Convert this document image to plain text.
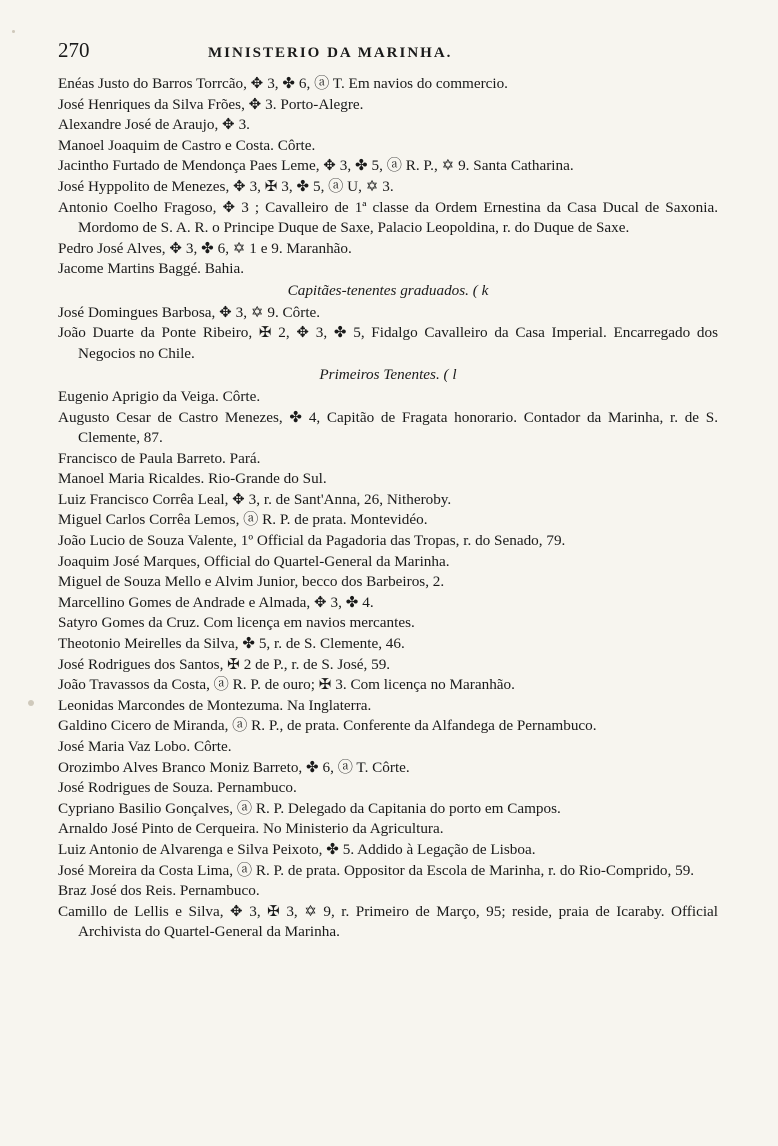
270	MINISTERIO DA MARINHA.
Enéas Justo do Barros Torrcão, ✥ 3, ✤ 6, ⓐ T. Em navios do commercio.
José Henriques da Silva Frões, ✥ 3. Porto-Alegre.
Alexandre José de Araujo, ✥ 3.
Manoel Joaquim de Castro e Costa. Côrte.
Jacintho Furtado de Mendonça Paes Leme, ✥ 3, ✤ 5, ⓐ R. P., ✡ 9. Santa Catharina.
José Hyppolito de Menezes, ✥ 3, ✠ 3, ✤ 5, ⓐ U, ✡ 3.
Antonio Coelho Fragoso, ✥ 3 ; Cavalleiro de 1ª classe da Ordem Ernestina da Casa Ducal de Saxonia. Mordomo de S. A. R. o Principe Duque de Saxe, Palacio Leopoldina, r. do Duque de Saxe.
Pedro José Alves, ✥ 3, ✤ 6, ✡ 1 e 9. Maranhão.
Jacome Martins Baggé. Bahia.
Capitães-tenentes graduados. ( k
José Domingues Barbosa, ✥ 3, ✡ 9. Côrte.
João Duarte da Ponte Ribeiro, ✠ 2, ✥ 3, ✤ 5, Fidalgo Cavalleiro da Casa Imperial. Encarregado dos Negocios no Chile.
Primeiros Tenentes. ( l
Eugenio Aprigio da Veiga. Côrte.
Augusto Cesar de Castro Menezes, ✤ 4, Capitão de Fragata honorario. Contador da Marinha, r. de S. Clemente, 87.
Francisco de Paula Barreto. Pará.
Manoel Maria Ricaldes. Rio-Grande do Sul.
Luiz Francisco Corrêa Leal, ✥ 3, r. de Sant'Anna, 26, Nitheroby.
Miguel Carlos Corrêa Lemos, ⓐ R. P. de prata. Montevidéo.
João Lucio de Souza Valente, 1º Official da Pagadoria das Tropas, r. do Senado, 79.
Joaquim José Marques, Official do Quartel-General da Marinha.
Miguel de Souza Mello e Alvim Junior, becco dos Barbeiros, 2.
Marcellino Gomes de Andrade e Almada, ✥ 3, ✤ 4.
Satyro Gomes da Cruz. Com licença em navios mercantes.
Theotonio Meirelles da Silva, ✤ 5, r. de S. Clemente, 46.
José Rodrigues dos Santos, ✠ 2 de P., r. de S. José, 59.
João Travassos da Costa, ⓐ R. P. de ouro; ✠ 3. Com licença no Maranhão.
Leonidas Marcondes de Montezuma. Na Inglaterra.
Galdino Cicero de Miranda, ⓐ R. P., de prata. Conferente da Alfandega de Pernambuco.
José Maria Vaz Lobo. Côrte.
Orozimbo Alves Branco Moniz Barreto, ✤ 6, ⓐ T. Côrte.
José Rodrigues de Souza. Pernambuco.
Cypriano Basilio Gonçalves, ⓐ R. P. Delegado da Capitania do porto em Campos.
Arnaldo José Pinto de Cerqueira. No Ministerio da Agricultura.
Luiz Antonio de Alvarenga e Silva Peixoto, ✤ 5. Addido à Legação de Lisboa.
José Moreira da Costa Lima, ⓐ R. P. de prata. Oppositor da Escola de Marinha, r. do Rio-Comprido, 59.
Braz José dos Reis. Pernambuco.
Camillo de Lellis e Silva, ✥ 3, ✠ 3, ✡ 9, r. Primeiro de Março, 95; reside, praia de Icaraby. Official Archivista do Quartel-General da Marinha.
